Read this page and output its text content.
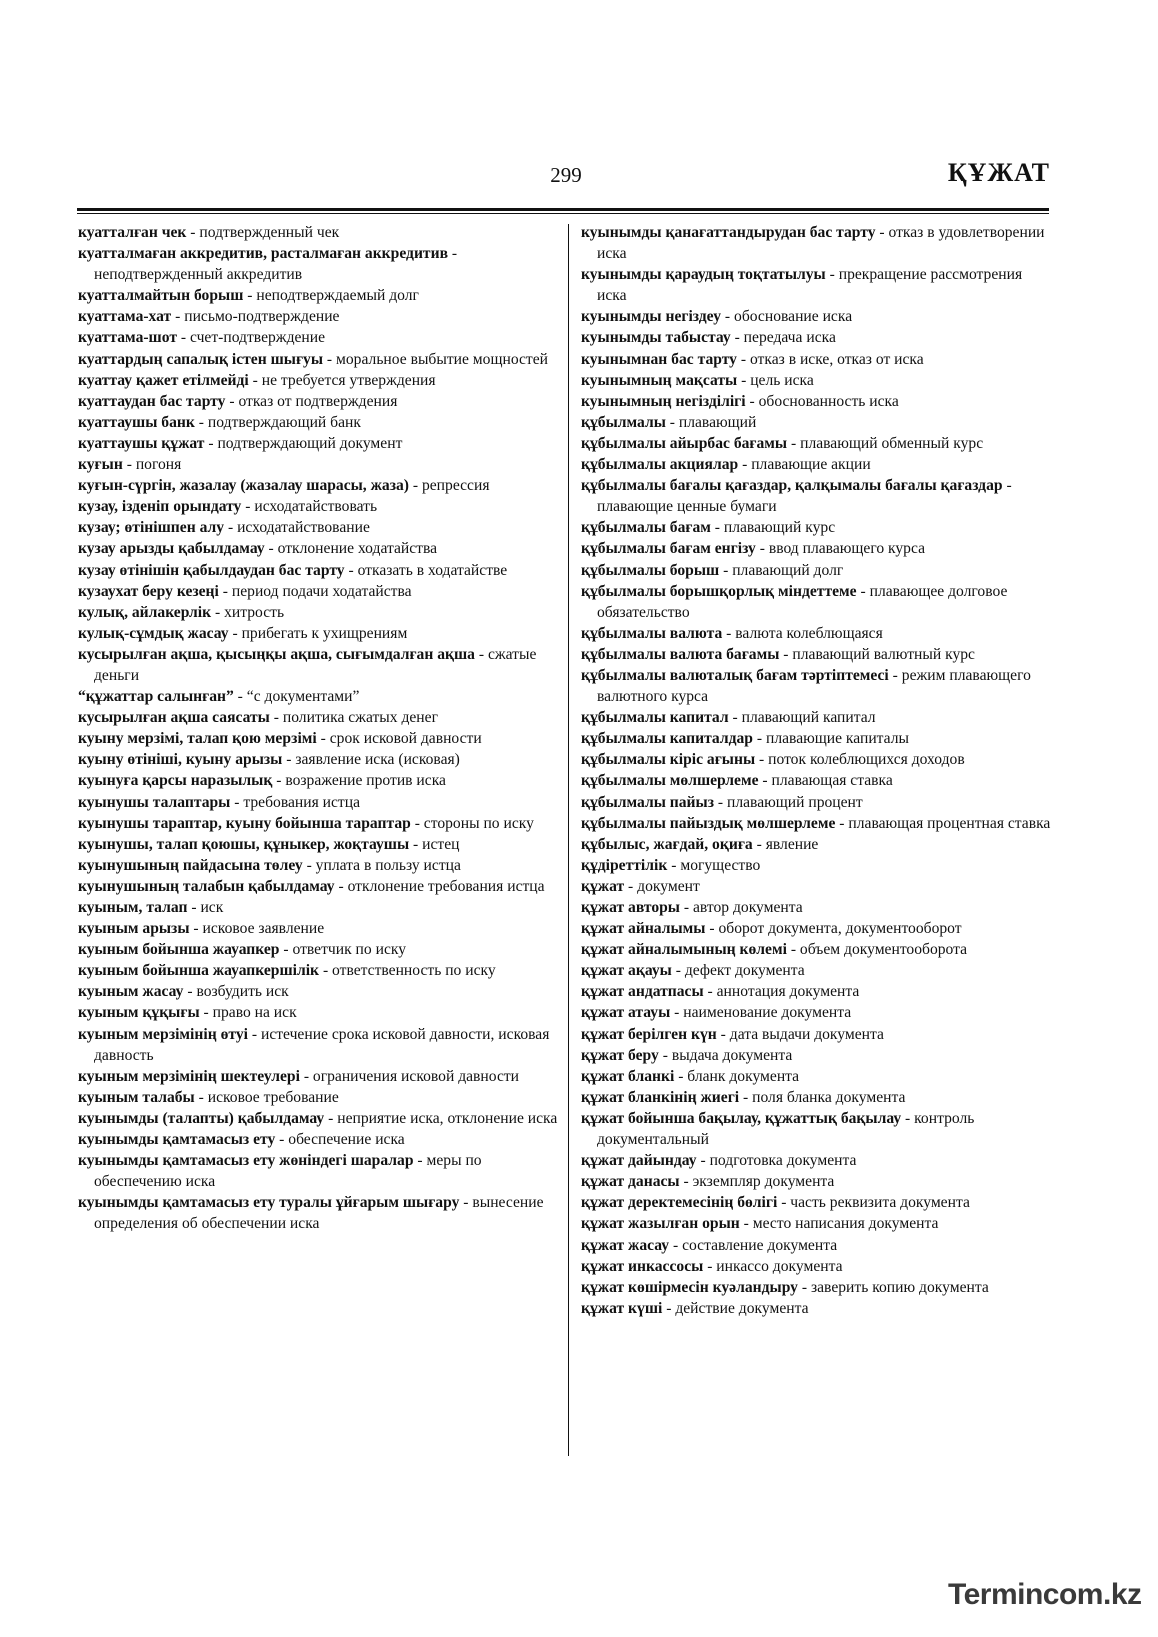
299	ҚҰЖАТ
куатталған чек - подтвержденный чек
куатталмаған аккредитив, расталмаған аккредитив - неподтвержденный аккредитив
куатталмайтын борыш - неподтверждаемый долг
куаттама-хат - письмо-подтверждение
куаттама-шот - счет-подтверждение
куаттардың сапалық істен шығуы - моральное выбытие мощностей
куаттау қажет етілмейді - не требуется утверждения
куаттаудан бас тарту - отказ от подтверждения
куаттаушы банк - подтверждающий банк
куаттаушы құжат - подтверждающий документ
куғын - погоня
куғын-сүргін, жазалау (жазалау шарасы, жаза) - репрессия
кузау, ізденіп орындату - исходатайствовать
кузау; өтінішпен алу - исходатайствование
кузау арызды қабылдамау - отклонение ходатайства
кузау өтінішін қабылдаудан бас тарту - отказать в ходатайстве
кузаухат беру кезеңі - период подачи ходатайства
кулық, айлакерлік - хитрость
кулық-сұмдық жасау - прибегать к ухищрениям
кусырылған ақша, қысыңқы ақша, сығымдалған ақша - сжатые деньги
“құжаттар салынған” - “с документами”
кусырылған ақша саясаты - политика сжатых денег
куыну мерзімі, талап қою мерзімі - срок исковой давности
куыну өтініші, куыну арызы - заявление иска (исковая)
куынуға қарсы наразылық - возражение против иска
куынушы талаптары - требования истца
куынушы тараптар, куыну бойынша тараптар - стороны по иску
куынушы, талап қоюшы, құныкер, жоқтаушы - истец
куынушының пайдасына төлеу - уплата в пользу истца
куынушының талабын қабылдамау - отклонение требования истца
куыным, талап - иск
куыным арызы - исковое заявление
куыным бойынша жауапкер - ответчик по иску
куыным бойынша жауапкершілік - ответственность по иску
куыным жасау - возбудить иск
куыным құқығы - право на иск
куыным мерзімінің өтуі - истечение срока исковой давности, исковая давность
куыным мерзімінің шектеулері - ограничения исковой давности
куыным талабы - исковое требование
куынымды (талапты) қабылдамау - неприятие иска, отклонение иска
куынымды қамтамасыз ету - обеспечение иска
куынымды қамтамасыз ету жөніндегі шаралар - меры по обеспечению иска
куынымды қамтамасыз ету туралы ұйғарым шығару - вынесение определения об обеспечении иска
куынымды қанағаттандырудан бас тарту - отказ в удовлетворении иска
куынымды қараудың тоқтатылуы - прекращение рассмотрения иска
куынымды негіздеу - обоснование иска
куынымды табыстау - передача иска
куынымнан бас тарту - отказ в иске, отказ от иска
куынымның мақсаты - цель иска
куынымның негізділігі - обоснованность иска
құбылмалы - плавающий
құбылмалы айырбас бағамы - плавающий обменный курс
құбылмалы акциялар - плавающие акции
құбылмалы бағалы қағаздар, қалқымалы бағалы қағаздар - плавающие ценные бумаги
құбылмалы бағам - плавающий курс
құбылмалы бағам енгізу - ввод плавающего курса
құбылмалы борыш - плавающий долг
құбылмалы борышқорлық міндеттеме - плавающее долговое обязательство
құбылмалы валюта - валюта колеблющаяся
құбылмалы валюта бағамы - плавающий валютный курс
құбылмалы валюталық бағам тәртіптемесі - режим плавающего валютного курса
құбылмалы капитал - плавающий капитал
құбылмалы капиталдар - плавающие капиталы
құбылмалы кіріс ағыны - поток колеблющихся доходов
құбылмалы мөлшерлеме - плавающая ставка
құбылмалы пайыз - плавающий процент
құбылмалы пайыздық мөлшерлеме - плавающая процентная ставка
құбылыс, жағдай, оқиға - явление
құдіреттілік - могущество
құжат - документ
құжат авторы - автор документа
құжат айналымы - оборот документа, документооборот
құжат айналымының көлемі - объем документооборота
құжат ақауы - дефект документа
құжат андатпасы - аннотация документа
құжат атауы - наименование документа
құжат берілген күн - дата выдачи документа
құжат беру - выдача документа
құжат бланкі - бланк документа
құжат бланкінің жиегі - поля бланка документа
құжат бойынша бақылау, құжаттық бақылау - контроль документальный
құжат дайындау - подготовка документа
құжат данасы - экземпляр документа
құжат деректемесінің бөлігі - часть реквизита документа
құжат жазылған орын - место написания документа
құжат жасау - составление документа
құжат инкассосы - инкассо документа
құжат көшірмесін куәландыру - заверить копию документа
құжат күші - действие документа
Termincom.kz
